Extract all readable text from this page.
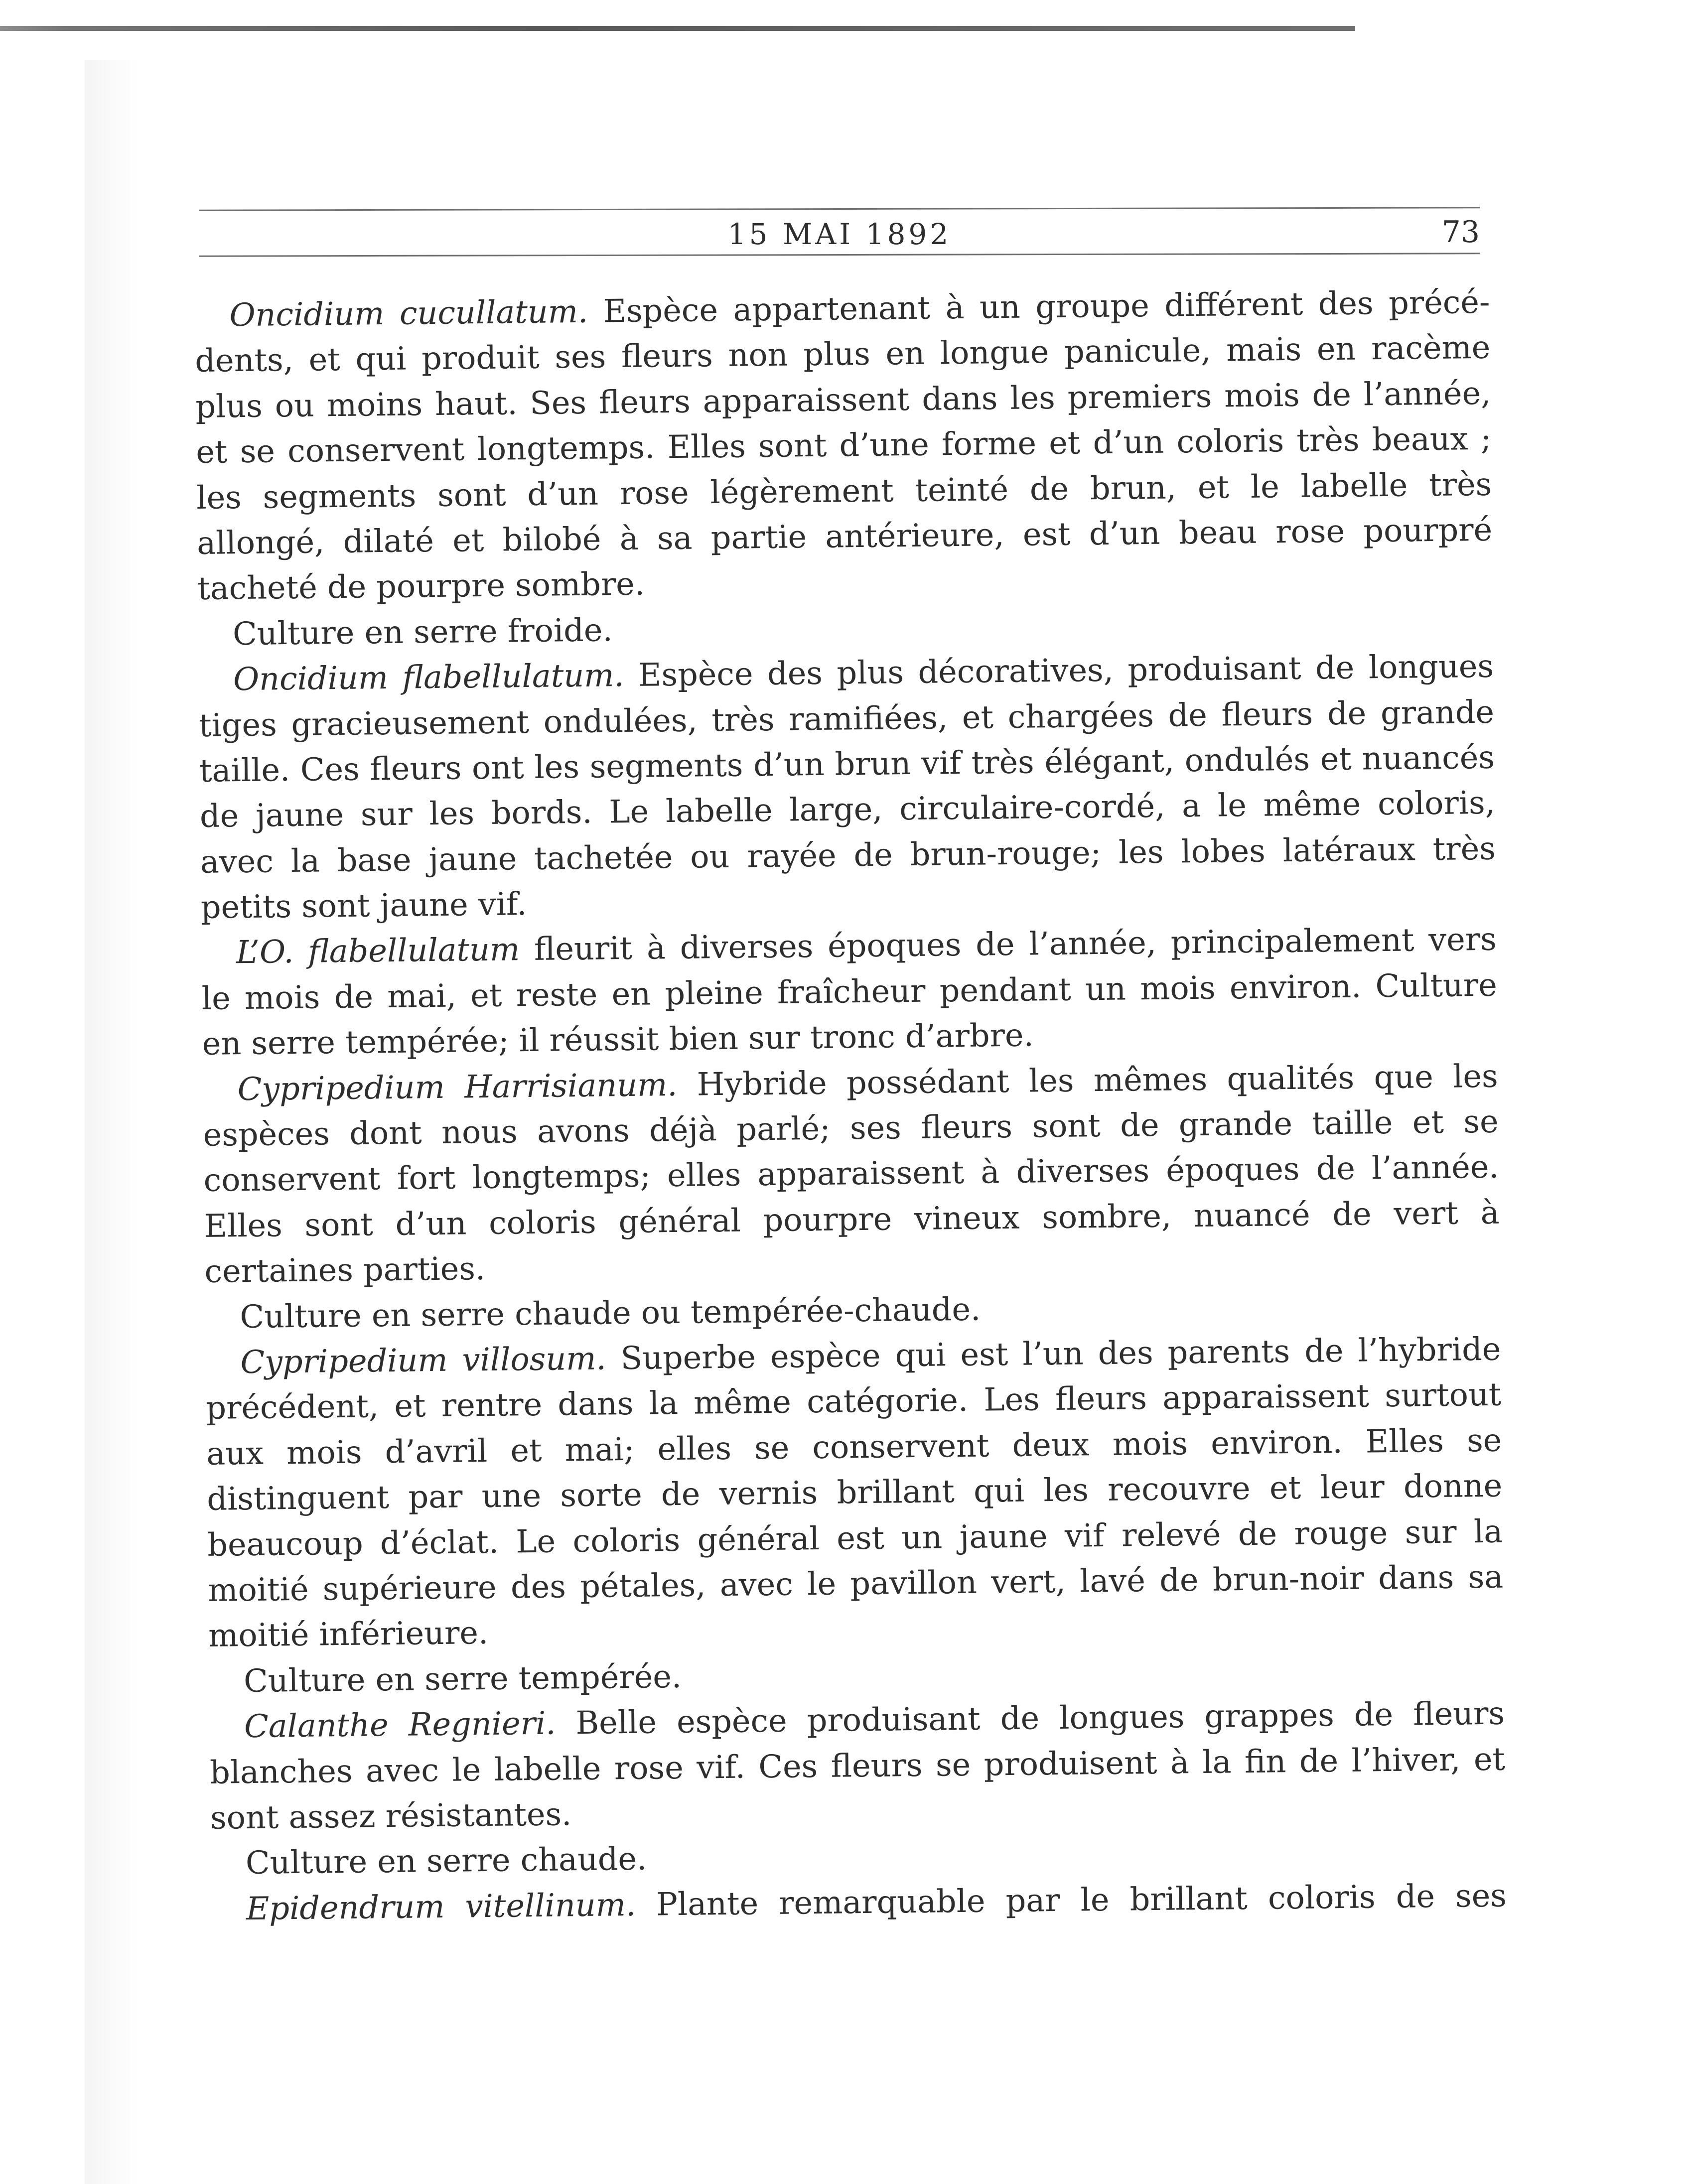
15 MAI 1892	73
Oncidium cucullatum. Espèce appartenant à un groupe différent des précé-
dents, et qui produit ses fleurs non plus en longue panicule, mais en racème
plus ou moins haut. Ses fleurs apparaissent dans les premiers mois de l’année,
et se conservent longtemps. Elles sont d’une forme et d’un coloris très beaux ;
les segments sont d’un rose légèrement teinté de brun, et le labelle très
allongé, dilaté et bilobé à sa partie antérieure, est d’un beau rose pourpré
tacheté de pourpre sombre.
Culture en serre froide.
Oncidium flabellulatum. Espèce des plus décoratives, produisant de longues
tiges gracieusement ondulées, très ramifiées, et chargées de fleurs de grande
taille. Ces fleurs ont les segments d’un brun vif très élégant, ondulés et nuancés
de jaune sur les bords. Le labelle large, circulaire-cordé, a le même coloris,
avec la base jaune tachetée ou rayée de brun-rouge; les lobes latéraux très
petits sont jaune vif.
L’O. flabellulatum fleurit à diverses époques de l’année, principalement vers
le mois de mai, et reste en pleine fraîcheur pendant un mois environ. Culture
en serre tempérée; il réussit bien sur tronc d’arbre.
Cypripedium Harrisianum. Hybride possédant les mêmes qualités que les
espèces dont nous avons déjà parlé; ses fleurs sont de grande taille et se
conservent fort longtemps; elles apparaissent à diverses époques de l’année.
Elles sont d’un coloris général pourpre vineux sombre, nuancé de vert à
certaines parties.
Culture en serre chaude ou tempérée-chaude.
Cypripedium villosum. Superbe espèce qui est l’un des parents de l’hybride
précédent, et rentre dans la même catégorie. Les fleurs apparaissent surtout
aux mois d’avril et mai; elles se conservent deux mois environ. Elles se
distinguent par une sorte de vernis brillant qui les recouvre et leur donne
beaucoup d’éclat. Le coloris général est un jaune vif relevé de rouge sur la
moitié supérieure des pétales, avec le pavillon vert, lavé de brun-noir dans sa
moitié inférieure.
Culture en serre tempérée.
Calanthe Regnieri. Belle espèce produisant de longues grappes de fleurs
blanches avec le labelle rose vif. Ces fleurs se produisent à la fin de l’hiver, et
sont assez résistantes.
Culture en serre chaude.
Epidendrum vitellinum. Plante remarquable par le brillant coloris de ses
